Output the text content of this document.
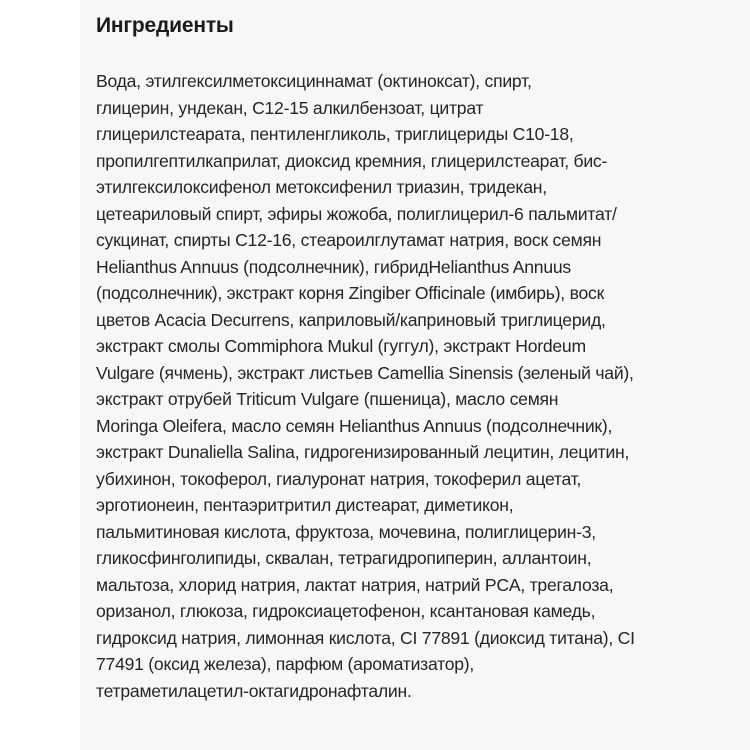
Ингредиенты
Вода, этилгексилметоксициннамат (октиноксат), спирт,
глицерин, ундекан, С12-15 алкилбензоат, цитрат
глицерилстеарата, пентиленгликоль, триглицериды С10-18,
пропилгептилкаприлат, диоксид кремния, глицерилстеарат, бис-
этилгексилоксифенол метоксифенил триазин, тридекан,
цетеариловый спирт, эфиры жожоба, полиглицерил-6 пальмитат/
сукцинат, спирты С12-16, стеароилглутамат натрия, воск семян
Helianthus Annuus (подсолнечник), гибридHelianthus Annuus
(подсолнечник), экстракт корня Zingiber Officinale (имбирь), воск
цветов Acacia Decurrens, каприловый/каприновый триглицерид,
экстракт смолы Commiphora Mukul (гуггул), экстракт Hordeum
Vulgare (ячмень), экстракт листьев Camellia Sinensis (зеленый чай),
экстракт отрубей Triticum Vulgare (пшеница), масло семян
Moringa Oleifera, масло семян Helianthus Annuus (подсолнечник),
экстракт Dunaliella Salina, гидрогенизированный лецитин, лецитин,
убихинон, токоферол, гиалуронат натрия, токоферил ацетат,
эрготионеин, пентаэритритил дистеарат, диметикон,
пальмитиновая кислота, фруктоза, мочевина, полиглицерин-3,
гликосфинголипиды, сквалан, тетрагидропиперин, аллантоин,
мальтоза, хлорид натрия, лактат натрия, натрий PCA, трегалоза,
оризанол, глюкоза, гидроксиацетофенон, ксантановая камедь,
гидроксид натрия, лимонная кислота, CI 77891 (диоксид титана), CI
77491 (оксид железа), парфюм (ароматизатор),
тетраметилацетил-октагидронафталин.
